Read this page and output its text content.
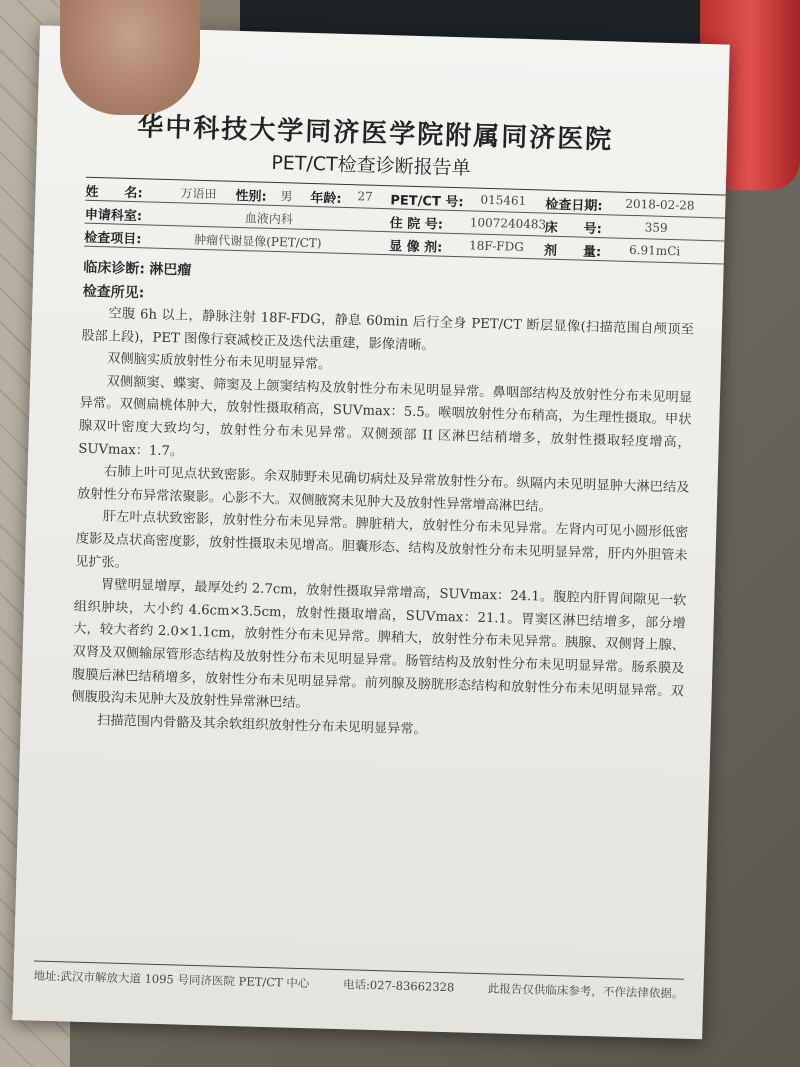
华中科技大学同济医学院附属同济医院
PET/CT检查诊断报告单
姓　　名:	万语田 性别: 男 年龄: 27 PET/CT 号: 015461 检查日期: 2018-02-28
申请科室:	血液内科	住 院 号: 1007240483
床　　号:	359
检查项目:	肿瘤代谢显像(PET/CT)	显 像 剂: 18F-FDG 剂　　量: 6.91mCi
临床诊断: 淋巴瘤
检查所见:

空腹 6h 以上，静脉注射 18F-FDG，静息 60min 后行全身 PET/CT 断层显像(扫描范围自颅顶至股部上段)，PET 图像行衰减校正及迭代法重建，影像清晰。

双侧脑实质放射性分布未见明显异常。

双侧额窦、蝶窦、筛窦及上颌窦结构及放射性分布未见明显异常。鼻咽部结构及放射性分布未见明显异常。双侧扁桃体肿大，放射性摄取稍高，SUVmax：5.5。喉咽放射性分布稍高，为生理性摄取。甲状腺双叶密度大致均匀，放射性分布未见异常。双侧颈部 II 区淋巴结稍增多，放射性摄取轻度增高，SUVmax：1.7。

右肺上叶可见点状致密影。余双肺野未见确切病灶及异常放射性分布。纵隔内未见明显肿大淋巴结及放射性分布异常浓聚影。心影不大。双侧腋窝未见肿大及放射性异常增高淋巴结。

肝左叶点状致密影，放射性分布未见异常。脾脏稍大，放射性分布未见异常。左肾内可见小圆形低密度影及点状高密度影，放射性摄取未见增高。胆囊形态、结构及放射性分布未见明显异常，肝内外胆管未见扩张。

胃壁明显增厚，最厚处约 2.7cm，放射性摄取异常增高，SUVmax：24.1。腹腔内肝胃间隙见一软组织肿块，大小约 4.6cm×3.5cm，放射性摄取增高，SUVmax：21.1。胃窦区淋巴结增多，部分增大，较大者约 2.0×1.1cm，放射性分布未见异常。脾稍大，放射性分布未见异常。胰腺、双侧肾上腺、双肾及双侧输尿管形态结构及放射性分布未见明显异常。肠管结构及放射性分布未见明显异常。肠系膜及腹膜后淋巴结稍增多，放射性分布未见明显异常。前列腺及膀胱形态结构和放射性分布未见明显异常。双侧腹股沟未见肿大及放射性异常淋巴结。

扫描范围内骨骼及其余软组织放射性分布未见明显异常。

地址:武汉市解放大道 1095 号同济医院 PET/CT 中心	电话:027-83662328	此报告仅供临床参考，不作法律依据。
